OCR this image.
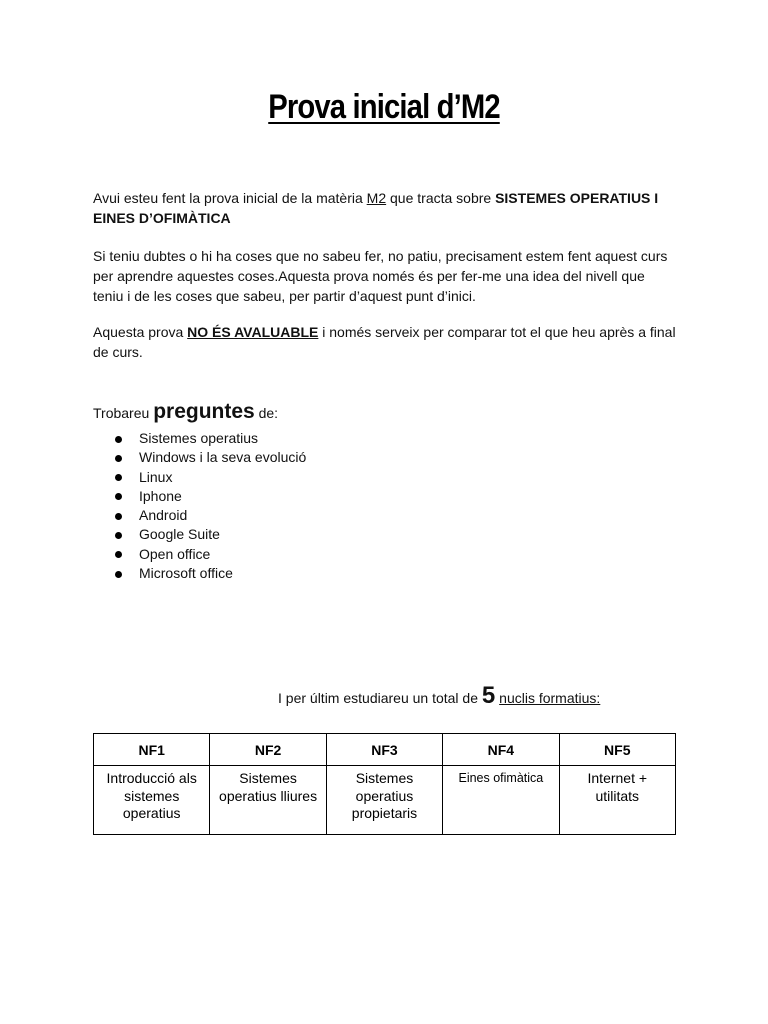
Prova inicial d’M2
Avui esteu fent la prova inicial de la matèria M2 que tracta sobre SISTEMES OPERATIUS I EINES D’OFIMÀTICA
Si teniu dubtes o hi ha coses que no sabeu fer, no patiu, precisament estem fent aquest curs per aprendre aquestes coses.Aquesta prova només és per fer-me una idea del nivell que teniu i de les coses que sabeu, per partir d’aquest punt d’inici.
Aquesta prova NO ÉS AVALUABLE i només serveix per comparar tot el que heu après a final de curs.
Trobareu preguntes de:
Sistemes operatius
Windows i la seva evolució
Linux
Iphone
Android
Google Suite
Open office
Microsoft office
I per últim estudiareu un total de 5 nuclis formatius:
NF1	NF2	NF3	NF4	NF5
Introducció als sistemes operatius	Sistemes operatius lliures	Sistemes operatius propietaris	Eines ofimàtica	Internet + utilitats
